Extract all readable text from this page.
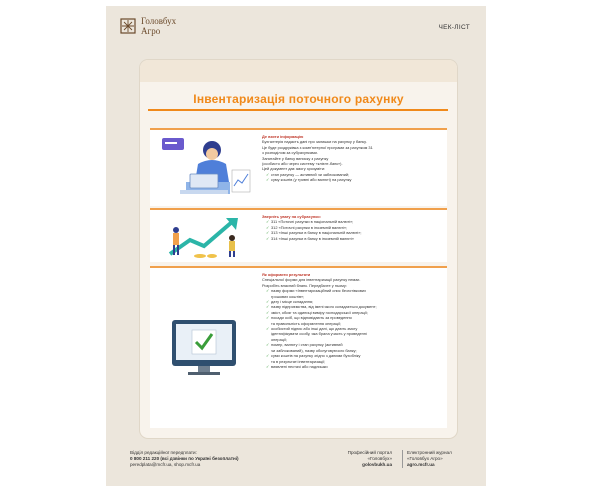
Головбух
Агро	ЧЕК-ЛІСТ
Інвентаризація поточного рахунку
Де взяти інформацію
Бухгалтерія надасть дані про залишки на рахунку у банку.
Це буде роздруківка з комп'ютерної програми за рахунком 31
з розподілом за субрахунками.
Запитайте у банку виписку з рахунку
(особисто або через систему «клієнт-банк»).
Цей документ дає змогу зрозуміти:
✓ стан рахунку — активний чи заблокований;
✓ суму коштів (у тривні або валюті) на рахунку
Зверніть увагу на субрахунки:
✓ 311 «Поточні рахунки в національній валюті»;
✓ 312 «Поточні рахунки в іноземній валюті»;
✓ 313 «Інші рахунки в банку в національній валюті»;
✓ 314 «Інші рахунки в банку в іноземній валюті»
Як оформити результати
Спеціальної форми для інвентаризації рахунку немає.
Розробіть власний бланк. Передбачте у ньому:
✓ назву форми «Інвентаризаційний опис безготівкових
грошових коштів»;
✓ дату і місце складання;
✓ назву підприємства, від імені якого складається документ;
✓ зміст, обсяг та одиниці виміру господарської операції;
✓ посади осіб, що відповідають за проведення
та правильність оформлення операції;
✓ особистий підпис або інші дані, що дають змогу
ідентифікувати особу, яка брала участь у проведенні
операції;
✓ номер, валюту і стан рахунку (активний
чи заблокований), назву обслуговуючого банку;
✓ суми коштів на рахунку згідно з даними бухобліку
та в результаті інвентаризації;
✓ виявлені нестачі або надлишки
Відділ редакційної передплати:
0 800 211 220 (всі дзвінки по Україні безоплатні)
peredplata@mcfr.ua, shop.mcfr.ua
Професійний портал
«Головбух»
golovbukh.ua
Електронний журнал
«Головбух Агро»
agro.mcfr.ua
